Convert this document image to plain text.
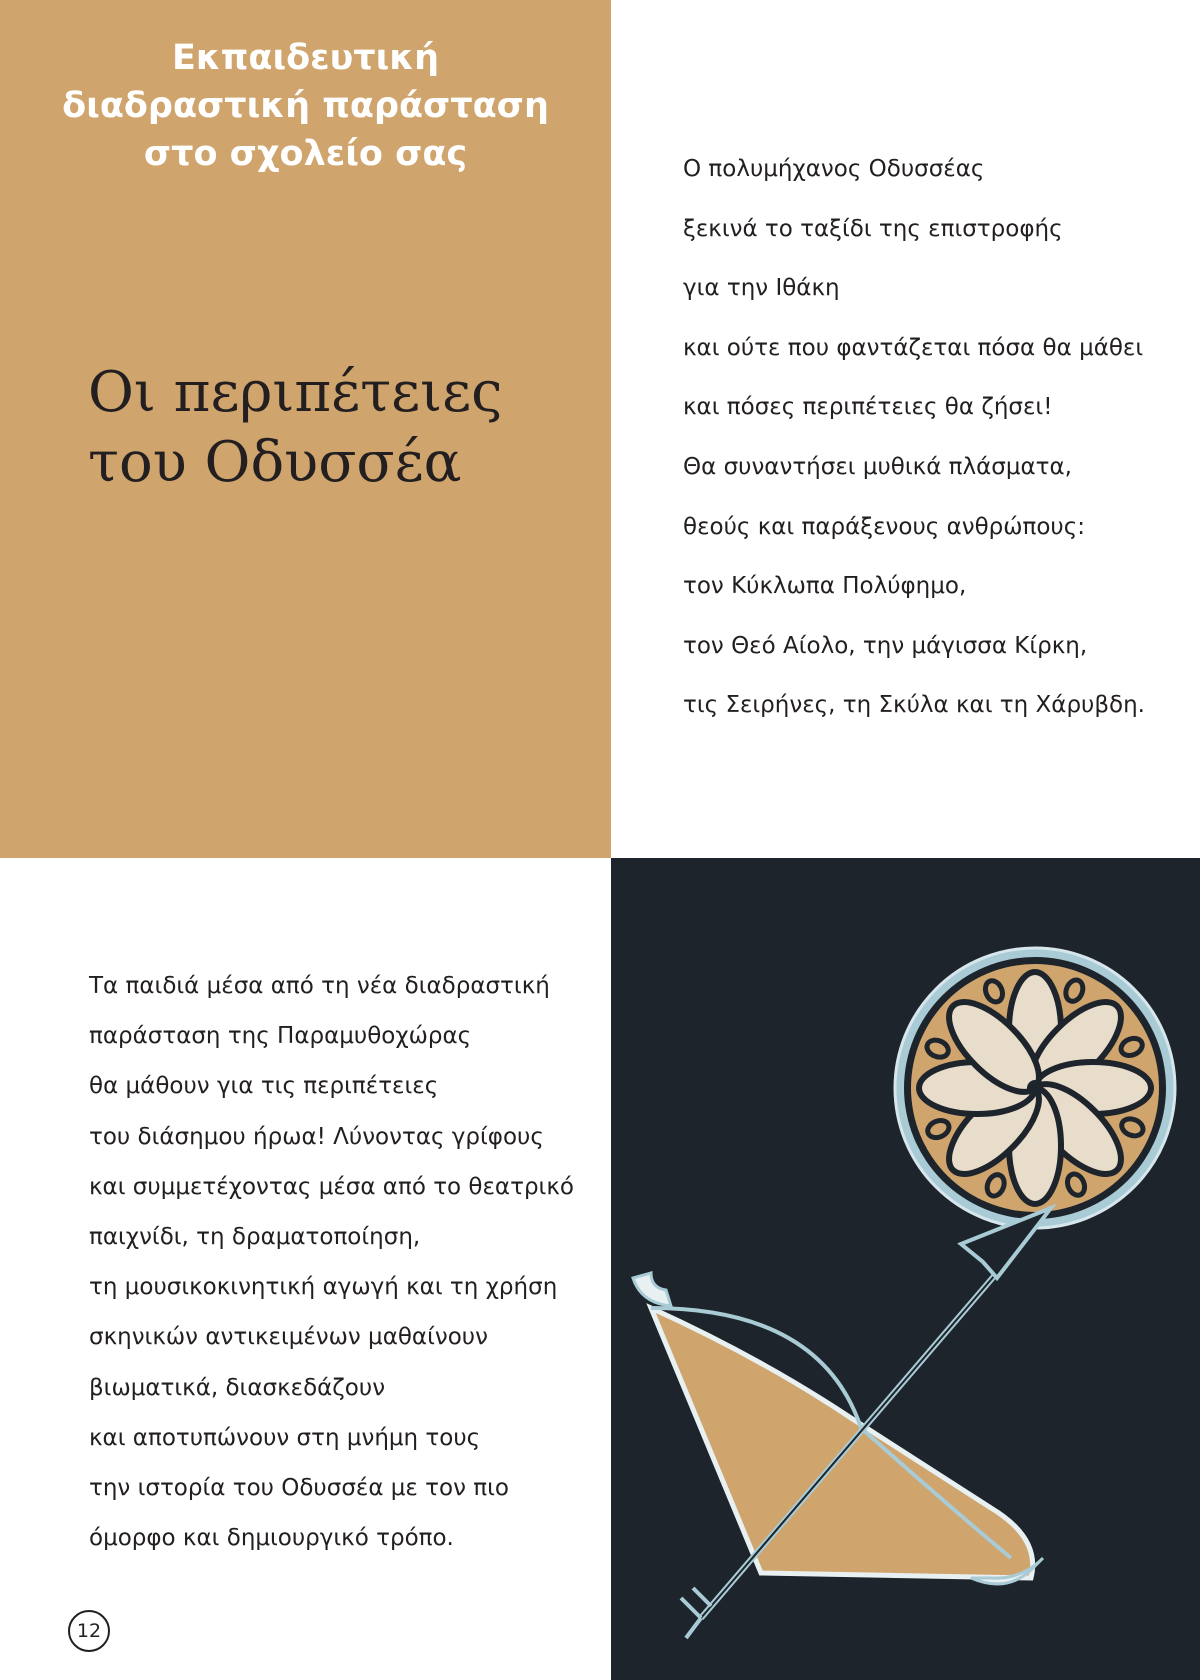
Εκπαιδευτική
διαδραστική παράσταση
στο σχολείο σας
Οι περιπέτειες
του Οδυσσέα
Ο πολυμήχανος Οδυσσέας
ξεκινά το ταξίδι της επιστροφής
για την Ιθάκη
και ούτε που φαντάζεται πόσα θα μάθει
και πόσες περιπέτειες θα ζήσει!
Θα συναντήσει μυθικά πλάσματα,
θεούς και παράξενους ανθρώπους:
τον Κύκλωπα Πολύφημο,
τον Θεό Αίολο, την μάγισσα Κίρκη,
τις Σειρήνες, τη Σκύλα και τη Χάρυβδη.
Τα παιδιά μέσα από τη νέα διαδραστική
παράσταση της Παραμυθοχώρας
θα μάθουν για τις περιπέτειες
του διάσημου ήρωα! Λύνοντας γρίφους
και συμμετέχοντας μέσα από το θεατρικό
παιχνίδι, τη δραματοποίηση,
τη μουσικοκινητική αγωγή και τη χρήση
σκηνικών αντικειμένων μαθαίνουν
βιωματικά, διασκεδάζουν
και αποτυπώνουν στη μνήμη τους
την ιστορία του Οδυσσέα με τον πιο
όμορφο και δημιουργικό τρόπο.
12
